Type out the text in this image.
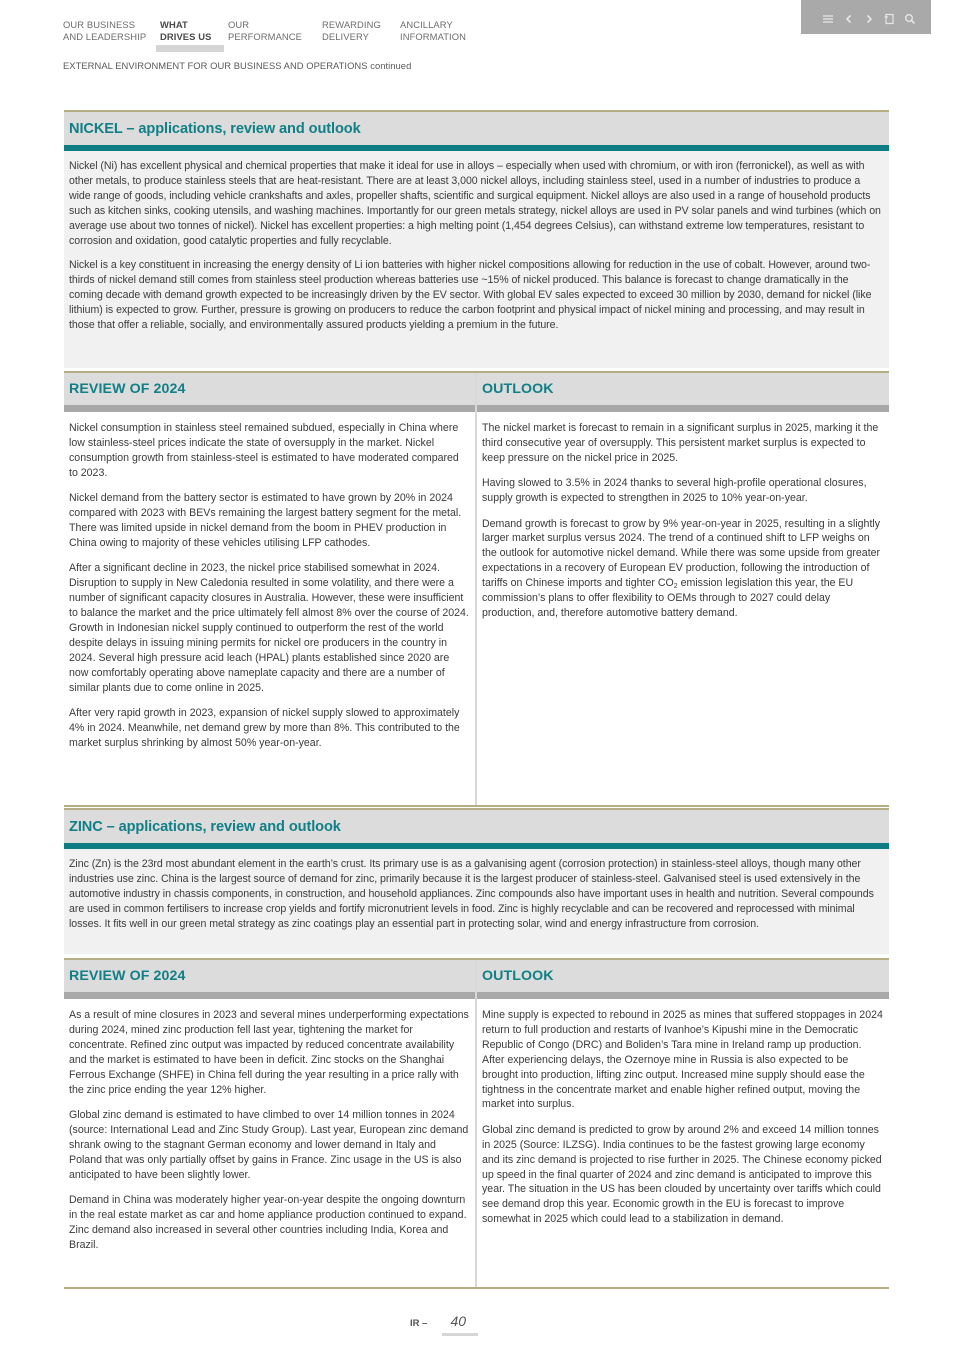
OUR BUSINESS
AND LEADERSHIP
WHAT
DRIVES US
OUR
PERFORMANCE
REWARDING
DELIVERY
ANCILLARY
INFORMATION
EXTERNAL ENVIRONMENT FOR OUR BUSINESS AND OPERATIONS continued
NICKEL – applications, review and outlook

Nickel (Ni) has excellent physical and chemical properties that make it ideal for use in alloys – especially when used with chromium, or with iron (ferronickel), as well as with other metals, to produce stainless steels that are heat-resistant. There are at least 3,000 nickel alloys, including stainless steel, used in a number of industries to produce a wide range of goods, including vehicle crankshafts and axles, propeller shafts, scientific and surgical equipment. Nickel alloys are also used in a range of household products such as kitchen sinks, cooking utensils, and washing machines. Importantly for our green metals strategy, nickel alloys are used in PV solar panels and wind turbines (which on average use about two tonnes of nickel). Nickel has excellent properties: a high melting point (1,454 degrees Celsius), can withstand extreme low temperatures, resistant to corrosion and oxidation, good catalytic properties and fully recyclable.

Nickel is a key constituent in increasing the energy density of Li ion batteries with higher nickel compositions allowing for reduction in the use of cobalt. However, around two-thirds of nickel demand still comes from stainless steel production whereas batteries use ~15% of nickel produced. This balance is forecast to change dramatically in the coming decade with demand growth expected to be increasingly driven by the EV sector. With global EV sales expected to exceed 30 million by 2030, demand for nickel (like lithium) is expected to grow. Further, pressure is growing on producers to reduce the carbon footprint and physical impact of nickel mining and processing, and may result in those that offer a reliable, socially, and environmentally assured products yielding a premium in the future.

REVIEW OF 2024

Nickel consumption in stainless steel remained subdued, especially in China where low stainless-steel prices indicate the state of oversupply in the market. Nickel consumption growth from stainless-steel is estimated to have moderated compared to 2023.

Nickel demand from the battery sector is estimated to have grown by 20% in 2024 compared with 2023 with BEVs remaining the largest battery segment for the metal. There was limited upside in nickel demand from the boom in PHEV production in China owing to majority of these vehicles utilising LFP cathodes.

After a significant decline in 2023, the nickel price stabilised somewhat in 2024. Disruption to supply in New Caledonia resulted in some volatility, and there were a number of significant capacity closures in Australia. However, these were insufficient to balance the market and the price ultimately fell almost 8% over the course of 2024. Growth in Indonesian nickel supply continued to outperform the rest of the world despite delays in issuing mining permits for nickel ore producers in the country in 2024. Several high pressure acid leach (HPAL) plants established since 2020 are now comfortably operating above nameplate capacity and there are a number of similar plants due to come online in 2025.

After very rapid growth in 2023, expansion of nickel supply slowed to approximately 4% in 2024. Meanwhile, net demand grew by more than 8%. This contributed to the market surplus shrinking by almost 50% year-on-year.

OUTLOOK

The nickel market is forecast to remain in a significant surplus in 2025, marking it the third consecutive year of oversupply. This persistent market surplus is expected to keep pressure on the nickel price in 2025.

Having slowed to 3.5% in 2024 thanks to several high-profile operational closures, supply growth is expected to strengthen in 2025 to 10% year-on-year.

Demand growth is forecast to grow by 9% year-on-year in 2025, resulting in a slightly larger market surplus versus 2024. The trend of a continued shift to LFP weighs on the outlook for automotive nickel demand. While there was some upside from greater expectations in a recovery of European EV production, following the introduction of tariffs on Chinese imports and tighter $CO_2$ emission legislation this year, the EU commission’s plans to offer flexibility to OEMs through to 2027 could delay production, and, therefore automotive battery demand.

ZINC – applications, review and outlook

Zinc (Zn) is the 23rd most abundant element in the earth’s crust. Its primary use is as a galvanising agent (corrosion protection) in stainless-steel alloys, though many other industries use zinc. China is the largest source of demand for zinc, primarily because it is the largest producer of stainless-steel. Galvanised steel is used extensively in the automotive industry in chassis components, in construction, and household appliances. Zinc compounds also have important uses in health and nutrition. Several compounds are used in common fertilisers to increase crop yields and fortify micronutrient levels in food. Zinc is highly recyclable and can be recovered and reprocessed with minimal losses. It fits well in our green metal strategy as zinc coatings play an essential part in protecting solar, wind and energy infrastructure from corrosion.

REVIEW OF 2024

As a result of mine closures in 2023 and several mines underperforming expectations during 2024, mined zinc production fell last year, tightening the market for concentrate. Refined zinc output was impacted by reduced concentrate availability and the market is estimated to have been in deficit. Zinc stocks on the Shanghai Ferrous Exchange (SHFE) in China fell during the year resulting in a price rally with the zinc price ending the year 12% higher.

Global zinc demand is estimated to have climbed to over 14 million tonnes in 2024 (source: International Lead and Zinc Study Group). Last year, European zinc demand shrank owing to the stagnant German economy and lower demand in Italy and Poland that was only partially offset by gains in France. Zinc usage in the US is also anticipated to have been slightly lower.

Demand in China was moderately higher year-on-year despite the ongoing downturn in the real estate market as car and home appliance production continued to expand. Zinc demand also increased in several other countries including India, Korea and Brazil.

OUTLOOK

Mine supply is expected to rebound in 2025 as mines that suffered stoppages in 2024 return to full production and restarts of Ivanhoe’s Kipushi mine in the Democratic Republic of Congo (DRC) and Boliden’s Tara mine in Ireland ramp up production. After experiencing delays, the Ozernoye mine in Russia is also expected to be brought into production, lifting zinc output. Increased mine supply should ease the tightness in the concentrate market and enable higher refined output, moving the market into surplus.

Global zinc demand is predicted to grow by around 2% and exceed 14 million tonnes in 2025 (Source: ILZSG). India continues to be the fastest growing large economy and its zinc demand is projected to rise further in 2025. The Chinese economy picked up speed in the final quarter of 2024 and zinc demand is anticipated to improve this year. The situation in the US has been clouded by uncertainty over tariffs which could see demand drop this year. Economic growth in the EU is forecast to improve somewhat in 2025 which could lead to a stabilization in demand.

IR – 40
